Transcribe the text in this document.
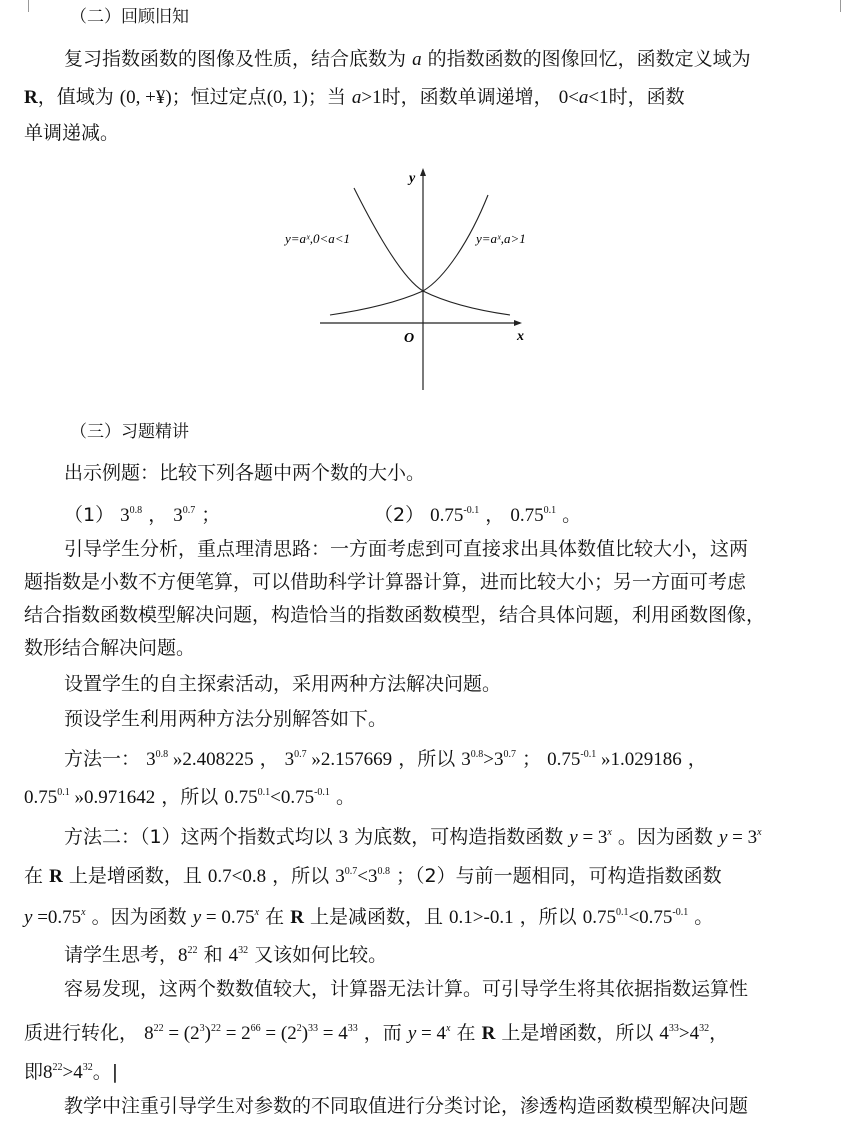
（二）回顾旧知
复习指数函数的图像及性质，结合底数为 a 的指数函数的图像回忆，函数定义域为
R，值域为 (0, +¥)；恒过定点(0, 1)；当 a>1时，函数单调递增， 0<a<1时，函数
单调递减。
y
x
O
y=aˣ,0<a<1	y=aˣ,a>1
（三）习题精讲
出示例题：比较下列各题中两个数的大小。
（1） $3^{0.8}$ ， $3^{0.7}$ ；	（2） $0.75^{-0.1}$ ， $0.75^{0.1}$ 。
引导学生分析，重点理清思路：一方面考虑到可直接求出具体数值比较大小，这两
题指数是小数不方便笔算，可以借助科学计算器计算，进而比较大小；另一方面可考虑
结合指数函数模型解决问题，构造恰当的指数函数模型，结合具体问题，利用函数图像，
数形结合解决问题。
设置学生的自主探索活动，采用两种方法解决问题。
预设学生利用两种方法分别解答如下。
方法一： $3^{0.8}$ »2.408225 ， $3^{0.7}$ »2.157669 ，所以 $3^{0.8}>3^{0.7}$ ； $0.75^{-0.1}$ »1.029186 ，
$0.75^{0.1}$ »0.971642 ，所以 $0.75^{0.1}<0.75^{-0.1}$ 。
方法二：（1）这两个指数式均以 3 为底数，可构造指数函数 $y = 3^x$ 。因为函数 $y = 3^x$
在 R 上是增函数，且 0.7<0.8 ，所以 $3^{0.7}<3^{0.8}$ ；（2）与前一题相同，可构造指数函数
$y =0.75^x$ 。因为函数 $y = 0.75^x$ 在 R 上是减函数，且 0.1>-0.1 ，所以 $0.75^{0.1}<0.75^{-0.1}$ 。
请学生思考，$8^{22}$ 和 $4^{32}$ 又该如何比较。
容易发现，这两个数数值较大，计算器无法计算。可引导学生将其依据指数运算性
质进行转化， $8^{22} = (2^3)^{22} = 2^{66} = (2^2)^{33} = 4^{33}$ ，而 $y = 4^x$ 在 R 上是增函数，所以 $4^{33}>4^{32}$，
即$8^{22}>4^{32}$。|
教学中注重引导学生对参数的不同取值进行分类讨论，渗透构造函数模型解决问题
